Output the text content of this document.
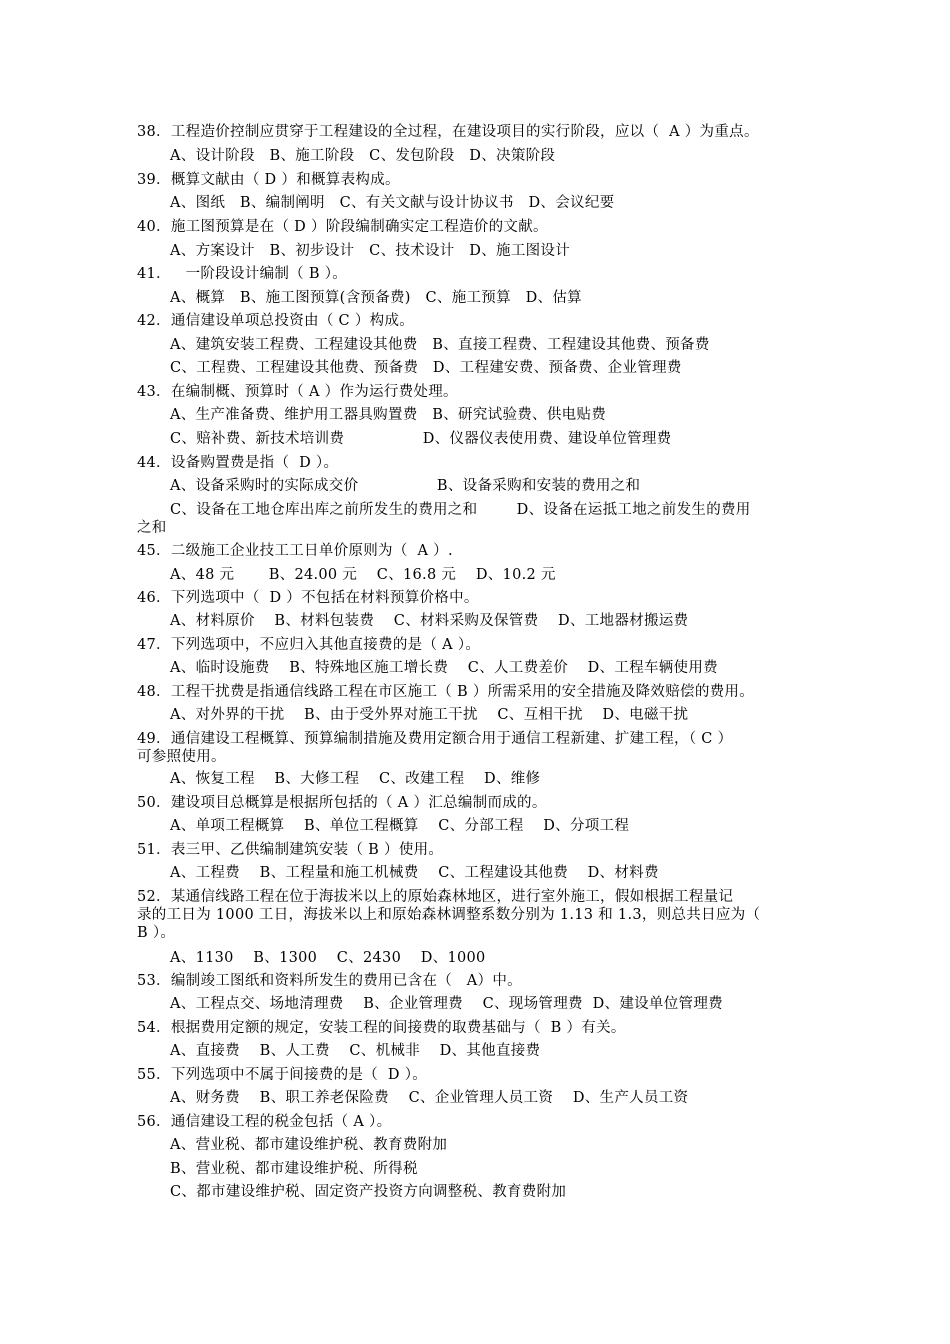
38．工程造价控制应贯穿于工程建设的全过程，在建设项目的实行阶段，应以（  A ）为重点。
A、设计阶段   B、施工阶段   C、发包阶段   D、决策阶段
39．概算文献由（ D ）和概算表构成。
A、图纸   B、编制阐明   C、有关文献与设计协议书   D、会议纪要
40．施工图预算是在（ D ）阶段编制确实定工程造价的文献。
A、方案设计   B、初步设计   C、技术设计   D、施工图设计
41．   一阶段设计编制（ B ）。
A、概算   B、施工图预算(含预备费)   C、施工预算   D、估算
42．通信建设单项总投资由（ C ）构成。
A、建筑安装工程费、工程建设其他费   B、直接工程费、工程建设其他费、预备费
C、工程费、工程建设其他费、预备费   D、工程建安费、预备费、企业管理费
43．在编制概、预算时（ A ）作为运行费处理。
A、生产准备费、维护用工器具购置费   B、研究试验费、供电贴费
C、赔补费、新技术培训费                D、仪器仪表使用费、建设单位管理费
44．设备购置费是指（  D ）。
A、设备采购时的实际成交价                B、设备采购和安装的费用之和
C、设备在工地仓库出库之前所发生的费用之和        D、设备在运抵工地之前发生的费用
之和
45．二级施工企业技工工日单价原则为（  A ）.
A、48 元       B、24.00 元    C、16.8 元    D、10.2 元
46．下列选项中（  D ）不包括在材料预算价格中。
A、材料原价    B、材料包装费    C、材料采购及保管费    D、工地器材搬运费
47．下列选项中，不应归入其他直接费的是（ A ）。
A、临时设施费    B、特殊地区施工增长费    C、人工费差价    D、工程车辆使用费
48．工程干扰费是指通信线路工程在市区施工（ B ）所需采用的安全措施及降效赔偿的费用。
A、对外界的干扰    B、由于受外界对施工干扰    C、互相干扰    D、电磁干扰
49．通信建设工程概算、预算编制措施及费用定额合用于通信工程新建、扩建工程，（ C ）
可参照使用。
A、恢复工程    B、大修工程    C、改建工程    D、维修
50．建设项目总概算是根据所包括的（ A ）汇总编制而成的。
A、单项工程概算    B、单位工程概算    C、分部工程    D、分项工程
51．表三甲、乙供编制建筑安装（ B ）使用。
A、工程费    B、工程量和施工机械费    C、工程建设其他费    D、材料费
52．某通信线路工程在位于海拔米以上的原始森林地区，进行室外施工，假如根据工程量记
录的工日为 1000 工日，海拔米以上和原始森林调整系数分别为 1.13 和 1.3，则总共日应为（
B ）。
A、1130    B、1300    C、2430    D、1000
53．编制竣工图纸和资料所发生的费用已含在（   A）中。
A、工程点交、场地清理费    B、企业管理费    C、现场管理费  D、建设单位管理费
54．根据费用定额的规定，安装工程的间接费的取费基础与（  B ）有关。
A、直接费    B、人工费    C、机械非    D、其他直接费
55．下列选项中不属于间接费的是（  D ）。
A、财务费    B、职工养老保险费    C、企业管理人员工资    D、生产人员工资
56．通信建设工程的税金包括（ A ）。
A、营业税、都市建设维护税、教育费附加
B、营业税、都市建设维护税、所得税
C、都市建设维护税、固定资产投资方向调整税、教育费附加
